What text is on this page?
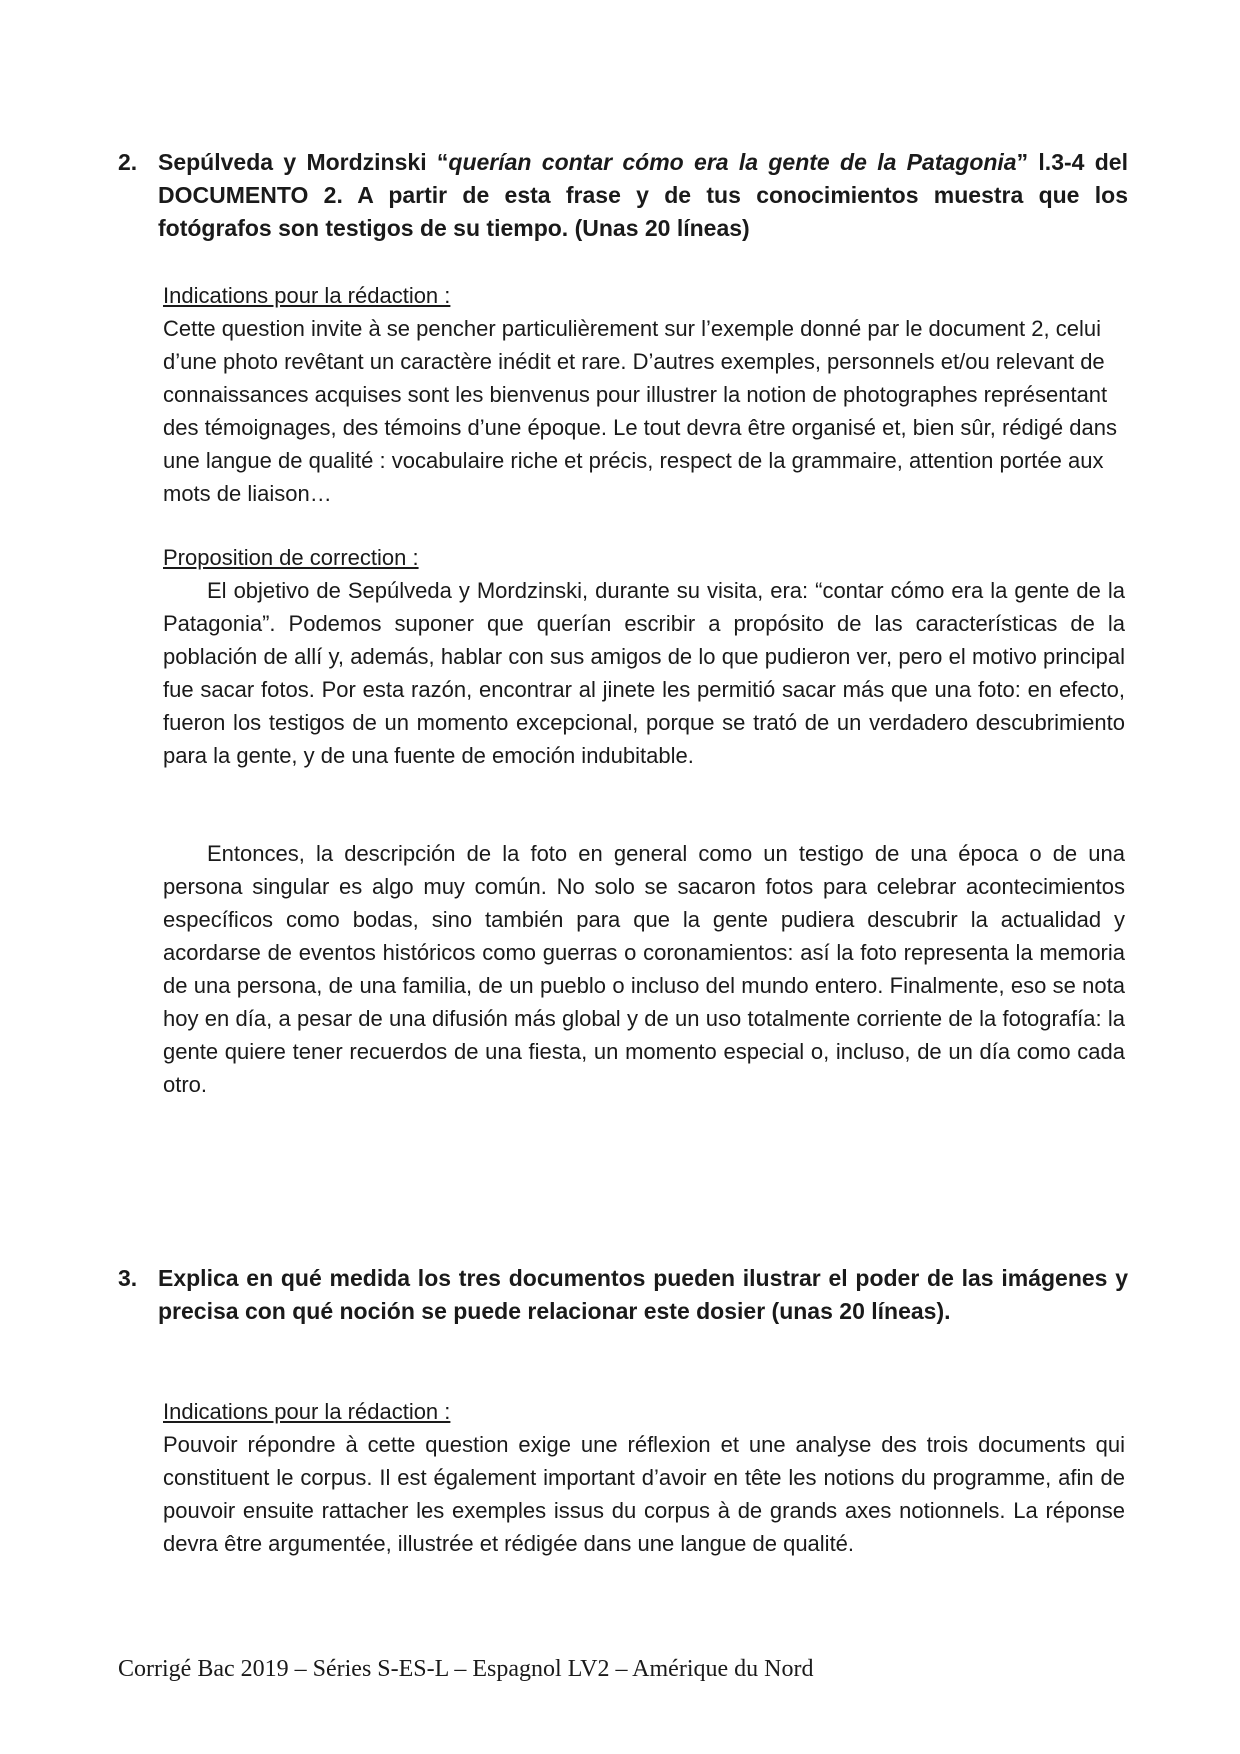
2. Sepúlveda y Mordzinski “querían contar cómo era la gente de la Patagonia” l.3-4 del DOCUMENTO 2. A partir de esta frase y de tus conocimientos muestra que los fotógrafos son testigos de su tiempo. (Unas 20 líneas)
Indications pour la rédaction :

Cette question invite à se pencher particulièrement sur l’exemple donné par le document 2, celui d’une photo revêtant un caractère inédit et rare. D’autres exemples, personnels et/ou relevant de connaissances acquises sont les bienvenus pour illustrer la notion de photographes représentant des témoignages, des témoins d’une époque. Le tout devra être organisé et, bien sûr, rédigé dans une langue de qualité : vocabulaire riche et précis, respect de la grammaire, attention portée aux mots de liaison…

Proposition de correction :

El objetivo de Sepúlveda y Mordzinski, durante su visita, era: “contar cómo era la gente de la Patagonia”. Podemos suponer que querían escribir a propósito de las características de la población de allí y, además, hablar con sus amigos de lo que pudieron ver, pero el motivo principal fue sacar fotos. Por esta razón, encontrar al jinete les permitió sacar más que una foto: en efecto, fueron los testigos de un momento excepcional, porque se trató de un verdadero descubrimiento para la gente, y de una fuente de emoción indubitable.

Entonces, la descripción de la foto en general como un testigo de una época o de una persona singular es algo muy común. No solo se sacaron fotos para celebrar acontecimientos específicos como bodas, sino también para que la gente pudiera descubrir la actualidad y acordarse de eventos históricos como guerras o coronamientos: así la foto representa la memoria de una persona, de una familia, de un pueblo o incluso del mundo entero. Finalmente, eso se nota hoy en día, a pesar de una difusión más global y de un uso totalmente corriente de la fotografía: la gente quiere tener recuerdos de una fiesta, un momento especial o, incluso, de un día como cada otro.

3. Explica en qué medida los tres documentos pueden ilustrar el poder de las imágenes y precisa con qué noción se puede relacionar este dosier (unas 20 líneas).
Indications pour la rédaction :

Pouvoir répondre à cette question exige une réflexion et une analyse des trois documents qui constituent le corpus. Il est également important d’avoir en tête les notions du programme, afin de pouvoir ensuite rattacher les exemples issus du corpus à de grands axes notionnels. La réponse devra être argumentée, illustrée et rédigée dans une langue de qualité.

Corrigé Bac 2019 – Séries S-ES-L – Espagnol LV2 – Amérique du Nord
